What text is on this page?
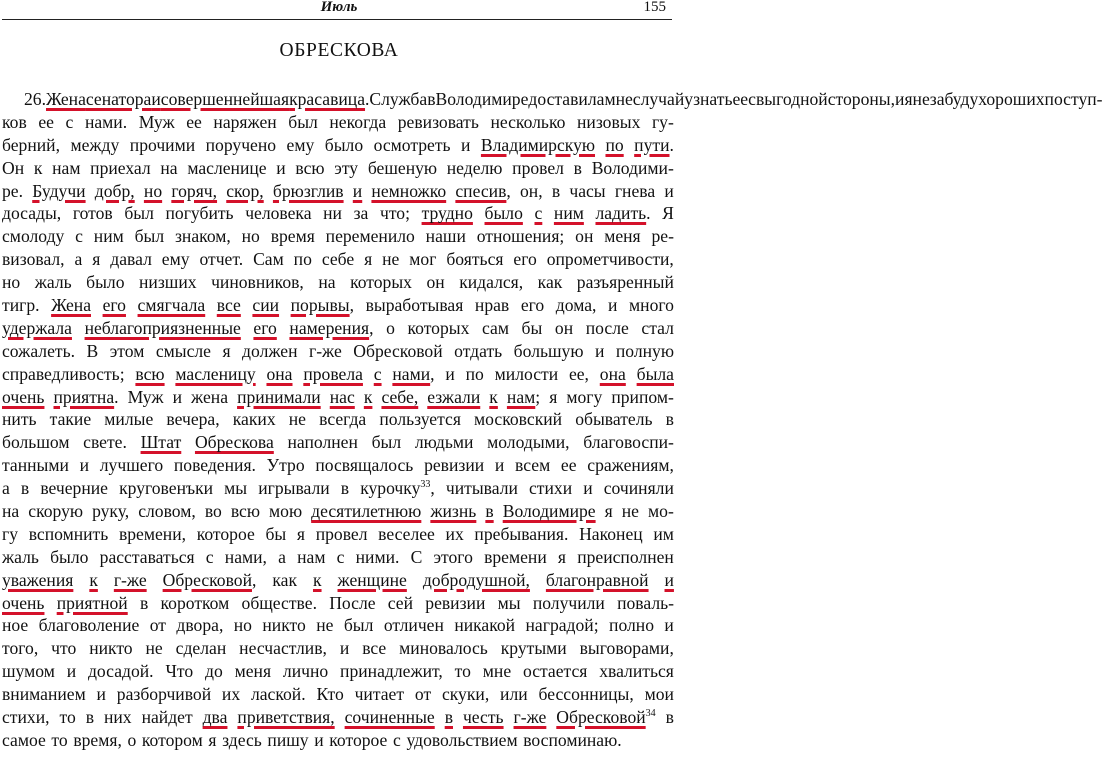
Июль	155
ОБРЕСКОВА
26. Жена сенатора и совершеннейшая красавица. Служба в Володимире доставила мне случай узнать ее с выгодной стороны, и я не забуду хороших поступ-
ков ее с нами. Муж ее наряжен был некогда ревизовать несколько низовых гу-
берний, между прочими поручено ему было осмотреть и Владимирскую по пути.
Он к нам приехал на масленице и всю эту бешеную неделю провел в Володими-
ре. Будучи добр, но горяч, скор, брюзглив и немножко спесив, он, в часы гнева и
досады, готов был погубить человека ни за что; трудно было с ним ладить. Я
смолоду с ним был знаком, но время переменило наши отношения; он меня ре-
визовал, а я давал ему отчет. Сам по себе я не мог бояться его опрометчивости,
но жаль было низших чиновников, на которых он кидался, как разъяренный
тигр. Жена его смягчала все сии порывы, выработывая нрав его дома, и много
удержала неблагоприязненные его намерения, о которых сам бы он после стал
сожалеть. В этом смысле я должен г-же Обресковой отдать большую и полную
справедливость; всю масленицу она провела с нами, и по милости ее, она была
очень приятна. Муж и жена принимали нас к себе, езжали к нам; я могу припом-
нить такие милые вечера, каких не всегда пользуется московский обыватель в
большом свете. Штат Обрескова наполнен был людьми молодыми, благовоспи-
танными и лучшего поведения. Утро посвящалось ревизии и всем ее сражениям,
а в вечерние круговенъки мы игрывали в курочку$^{33}$, читывали стихи и сочиняли
на скорую руку, словом, во всю мою десятилетнюю жизнь в Володимире я не мо-
гу вспомнить времени, которое бы я провел веселее их пребывания. Наконец им
жаль было расставаться с нами, а нам с ними. С этого времени я преисполнен
уважения к г-же Обресковой, как к женщине добродушной, благонравной и
очень приятной в коротком обществе. После сей ревизии мы получили поваль-
ное благоволение от двора, но никто не был отличен никакой наградой; полно и
того, что никто не сделан несчастлив, и все миновалось крутыми выговорами,
шумом и досадой. Что до меня лично принадлежит, то мне остается хвалиться
вниманием и разборчивой их лаской. Кто читает от скуки, или бессонницы, мои
стихи, то в них найдет два приветствия, сочиненные в честь г-же Обресковой$^{34}$ в
самое то время, о котором я здесь пишу и которое с удовольствием воспоминаю.
